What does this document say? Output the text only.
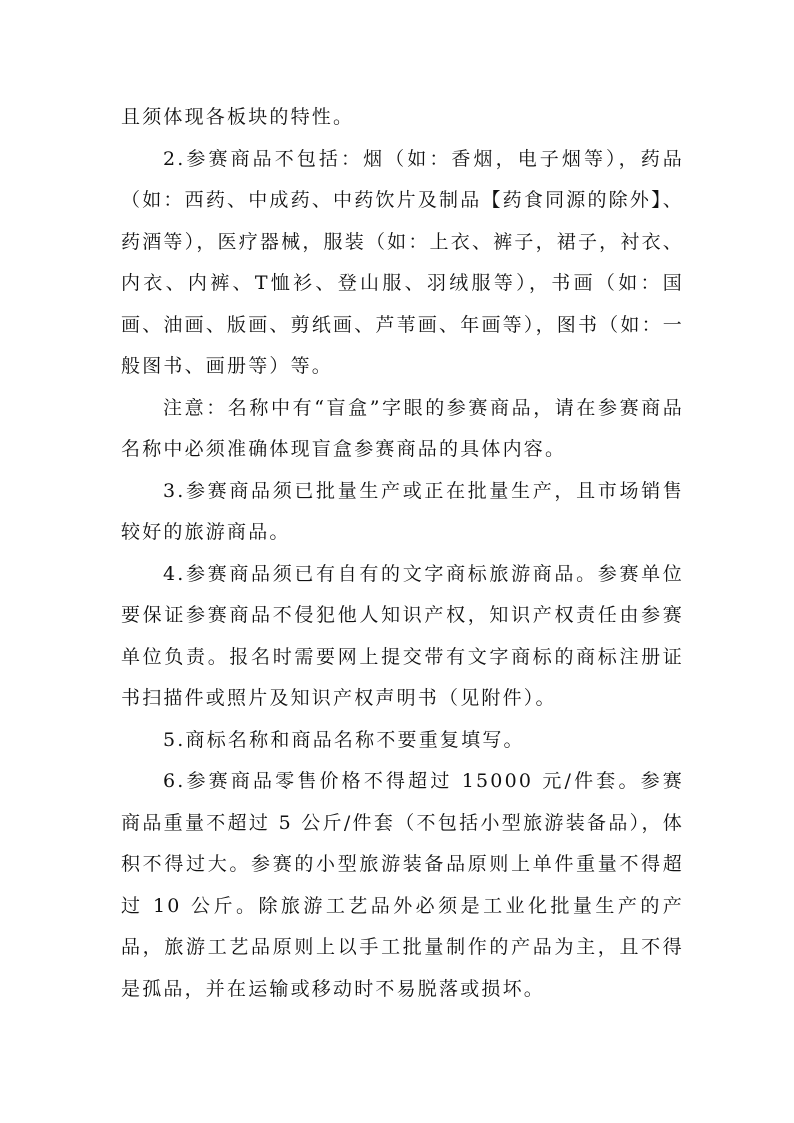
且须体现各板块的特性。

2.参赛商品不包括：烟（如：香烟，电子烟等），药品（如：西药、中成药、中药饮片及制品【药食同源的除外】、药酒等），医疗器械，服装（如：上衣、裤子，裙子，衬衣、内衣、内裤、T恤衫、登山服、羽绒服等），书画（如：国画、油画、版画、剪纸画、芦苇画、年画等），图书（如：一般图书、画册等）等。

注意：名称中有“盲盒”字眼的参赛商品，请在参赛商品名称中必须准确体现盲盒参赛商品的具体内容。

3.参赛商品须已批量生产或正在批量生产，且市场销售较好的旅游商品。

4.参赛商品须已有自有的文字商标旅游商品。参赛单位要保证参赛商品不侵犯他人知识产权，知识产权责任由参赛单位负责。报名时需要网上提交带有文字商标的商标注册证书扫描件或照片及知识产权声明书（见附件）。

5.商标名称和商品名称不要重复填写。

6.参赛商品零售价格不得超过 15000 元/件套。参赛商品重量不超过 5 公斤/件套（不包括小型旅游装备品），体积不得过大。参赛的小型旅游装备品原则上单件重量不得超过 10 公斤。除旅游工艺品外必须是工业化批量生产的产品，旅游工艺品原则上以手工批量制作的产品为主，且不得是孤品，并在运输或移动时不易脱落或损坏。
